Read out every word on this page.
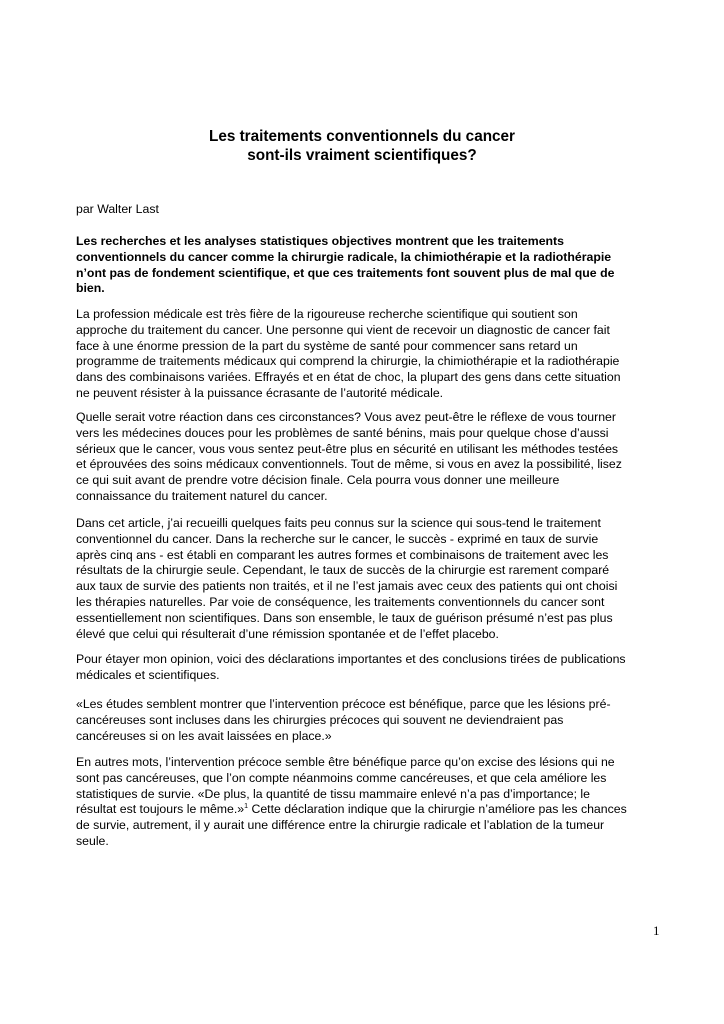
Les traitements conventionnels du cancer
sont-ils vraiment scientifiques?
par Walter Last
Les recherches et les analyses statistiques objectives montrent que les traitements
conventionnels du cancer comme la chirurgie radicale, la chimiothérapie et la radiothérapie
n’ont pas de fondement scientifique, et que ces traitements font souvent plus de mal que de
bien.
La profession médicale est très fière de la rigoureuse recherche scientifique qui soutient son
approche du traitement du cancer. Une personne qui vient de recevoir un diagnostic de cancer fait
face à une énorme pression de la part du système de santé pour commencer sans retard un
programme de traitements médicaux qui comprend la chirurgie, la chimiothérapie et la radiothérapie
dans des combinaisons variées. Effrayés et en état de choc, la plupart des gens dans cette situation
ne peuvent résister à la puissance écrasante de l’autorité médicale.
Quelle serait votre réaction dans ces circonstances? Vous avez peut-être le réflexe de vous tourner
vers les médecines douces pour les problèmes de santé bénins, mais pour quelque chose d’aussi
sérieux que le cancer, vous vous sentez peut-être plus en sécurité en utilisant les méthodes testées
et éprouvées des soins médicaux conventionnels. Tout de même, si vous en avez la possibilité, lisez
ce qui suit avant de prendre votre décision finale. Cela pourra vous donner une meilleure
connaissance du traitement naturel du cancer.
Dans cet article, j’ai recueilli quelques faits peu connus sur la science qui sous-tend le traitement
conventionnel du cancer. Dans la recherche sur le cancer, le succès - exprimé en taux de survie
après cinq ans - est établi en comparant les autres formes et combinaisons de traitement avec les
résultats de la chirurgie seule. Cependant, le taux de succès de la chirurgie est rarement comparé
aux taux de survie des patients non traités, et il ne l’est jamais avec ceux des patients qui ont choisi
les thérapies naturelles. Par voie de conséquence, les traitements conventionnels du cancer sont
essentiellement non scientifiques. Dans son ensemble, le taux de guérison présumé n’est pas plus
élevé que celui qui résulterait d’une rémission spontanée et de l’effet placebo.
Pour étayer mon opinion, voici des déclarations importantes et des conclusions tirées de publications
médicales et scientifiques.
«Les études semblent montrer que l’intervention précoce est bénéfique, parce que les lésions pré-
cancéreuses sont incluses dans les chirurgies précoces qui souvent ne deviendraient pas
cancéreuses si on les avait laissées en place.»
En autres mots, l’intervention précoce semble être bénéfique parce qu’on excise des lésions qui ne
sont pas cancéreuses, que l’on compte néanmoins comme cancéreuses, et que cela améliore les
statistiques de survie. «De plus, la quantité de tissu mammaire enlevé n’a pas d’importance; le
résultat est toujours le même.»$^1$ Cette déclaration indique que la chirurgie n’améliore pas les chances
de survie, autrement, il y aurait une différence entre la chirurgie radicale et l’ablation de la tumeur
seule.
1
